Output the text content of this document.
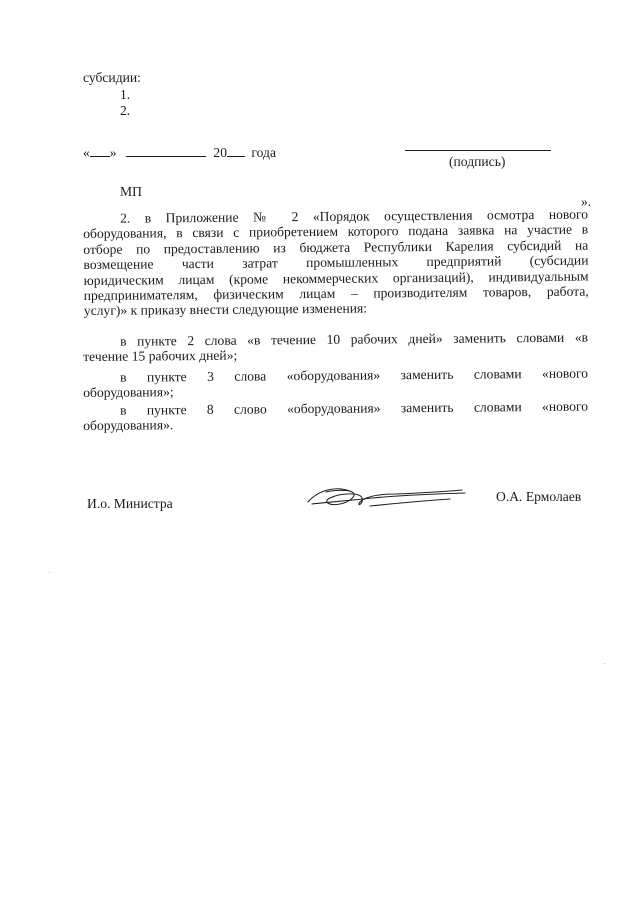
субсидии:
1.
2.
« »	20 года
(подпись)
МП
».
2. в Приложение № 2 «Порядок осуществления осмотра нового
оборудования, в связи с приобретением которого подана заявка на участие в
отборе по предоставлению из бюджета Республики Карелия субсидий на
возмещение части затрат промышленных предприятий (субсидии
юридическим лицам (кроме некоммерческих организаций), индивидуальным
предпринимателям, физическим лицам – производителям товаров, работа,
услуг)» к приказу внести следующие изменения:
в пункте 2 слова «в течение 10 рабочих дней» заменить словами «в
течение 15 рабочих дней»;
в пункте 3 слова «оборудования» заменить словами «нового
оборудования»;
в пункте 8 слово «оборудования» заменить словами «нового
оборудования».
И.о. Министра	О.А. Ермолаев
